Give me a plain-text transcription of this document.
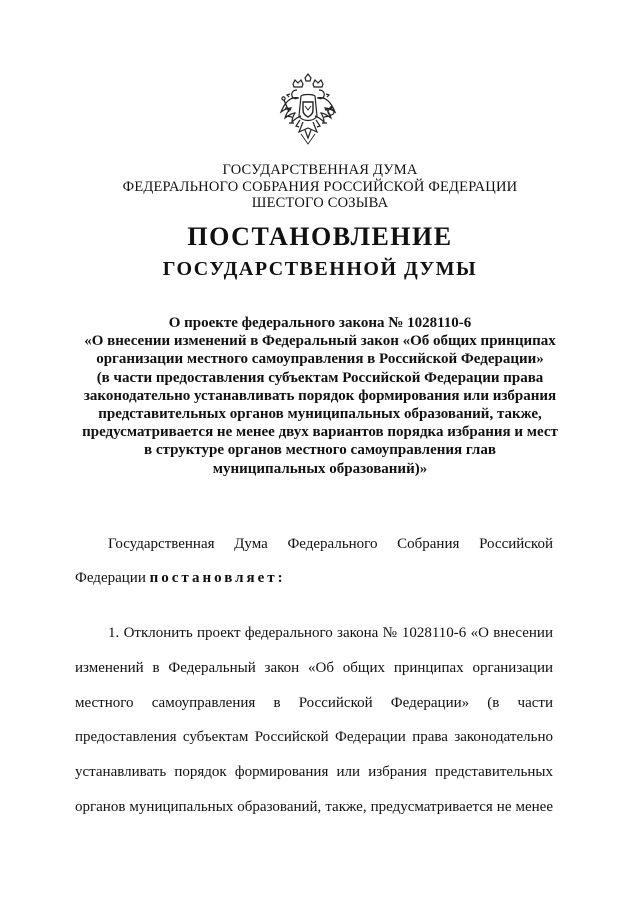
ГОСУДАРСТВЕННАЯ ДУМА
ФЕДЕРАЛЬНОГО СОБРАНИЯ РОССИЙСКОЙ ФЕДЕРАЦИИ
ШЕСТОГО СОЗЫВА
ПОСТАНОВЛЕНИЕ
ГОСУДАРСТВЕННОЙ ДУМЫ
О проекте федерального закона № 1028110-6
«О внесении изменений в Федеральный закон «Об общих принципах
организации местного самоуправления в Российской Федерации»
(в части предоставления субъектам Российской Федерации права
законодательно устанавливать порядок формирования или избрания
представительных органов муниципальных образований, также,
предусматривается не менее двух вариантов порядка избрания и мест
в структуре органов местного самоуправления глав
муниципальных образований)»
Государственная Дума Федерального Собрания Российской
Федерации постановляет:
1. Отклонить проект федерального закона № 1028110-6 «О внесении
изменений в Федеральный закон «Об общих принципах организации
местного самоуправления в Российской Федерации» (в части
предоставления субъектам Российской Федерации права законодательно
устанавливать порядок формирования или избрания представительных
органов муниципальных образований, также, предусматривается не менее
